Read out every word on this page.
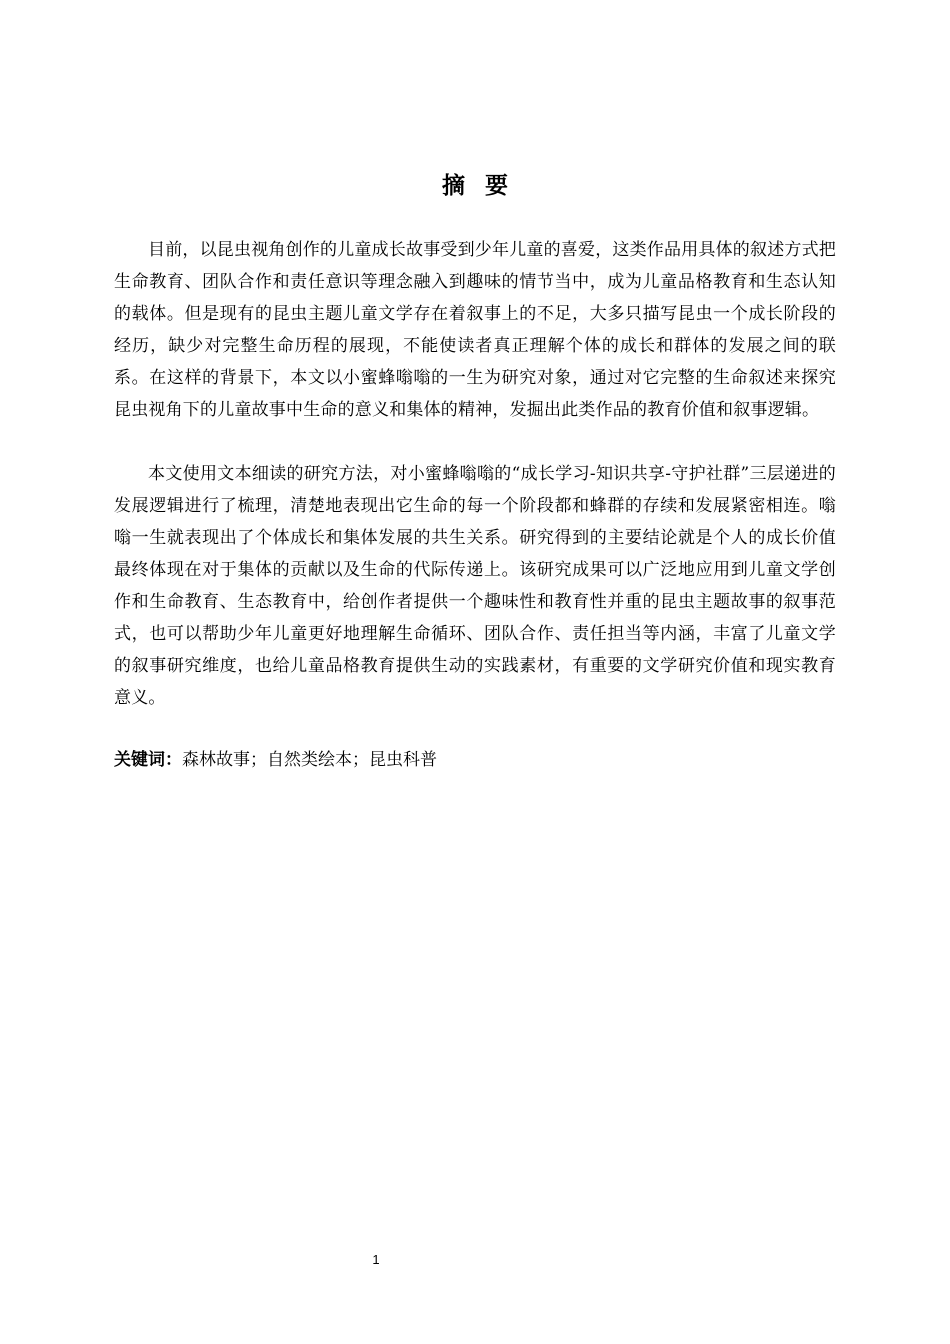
摘要

目前，以昆虫视角创作的儿童成长故事受到少年儿童的喜爱，这类作品用具体的叙述方式把生命教育、团队合作和责任意识等理念融入到趣味的情节当中，成为儿童品格教育和生态认知的载体。但是现有的昆虫主题儿童文学存在着叙事上的不足，大多只描写昆虫一个成长阶段的经历，缺少对完整生命历程的展现，不能使读者真正理解个体的成长和群体的发展之间的联系。在这样的背景下，本文以小蜜蜂嗡嗡的一生为研究对象，通过对它完整的生命叙述来探究昆虫视角下的儿童故事中生命的意义和集体的精神，发掘出此类作品的教育价值和叙事逻辑。

本文使用文本细读的研究方法，对小蜜蜂嗡嗡的“成长学习-知识共享-守护社群”三层递进的发展逻辑进行了梳理，清楚地表现出它生命的每一个阶段都和蜂群的存续和发展紧密相连。嗡嗡一生就表现出了个体成长和集体发展的共生关系。研究得到的主要结论就是个人的成长价值最终体现在对于集体的贡献以及生命的代际传递上。该研究成果可以广泛地应用到儿童文学创作和生命教育、生态教育中，给创作者提供一个趣味性和教育性并重的昆虫主题故事的叙事范式，也可以帮助少年儿童更好地理解生命循环、团队合作、责任担当等内涵，丰富了儿童文学的叙事研究维度，也给儿童品格教育提供生动的实践素材，有重要的文学研究价值和现实教育意义。

关键词：森林故事；自然类绘本；昆虫科普

1
